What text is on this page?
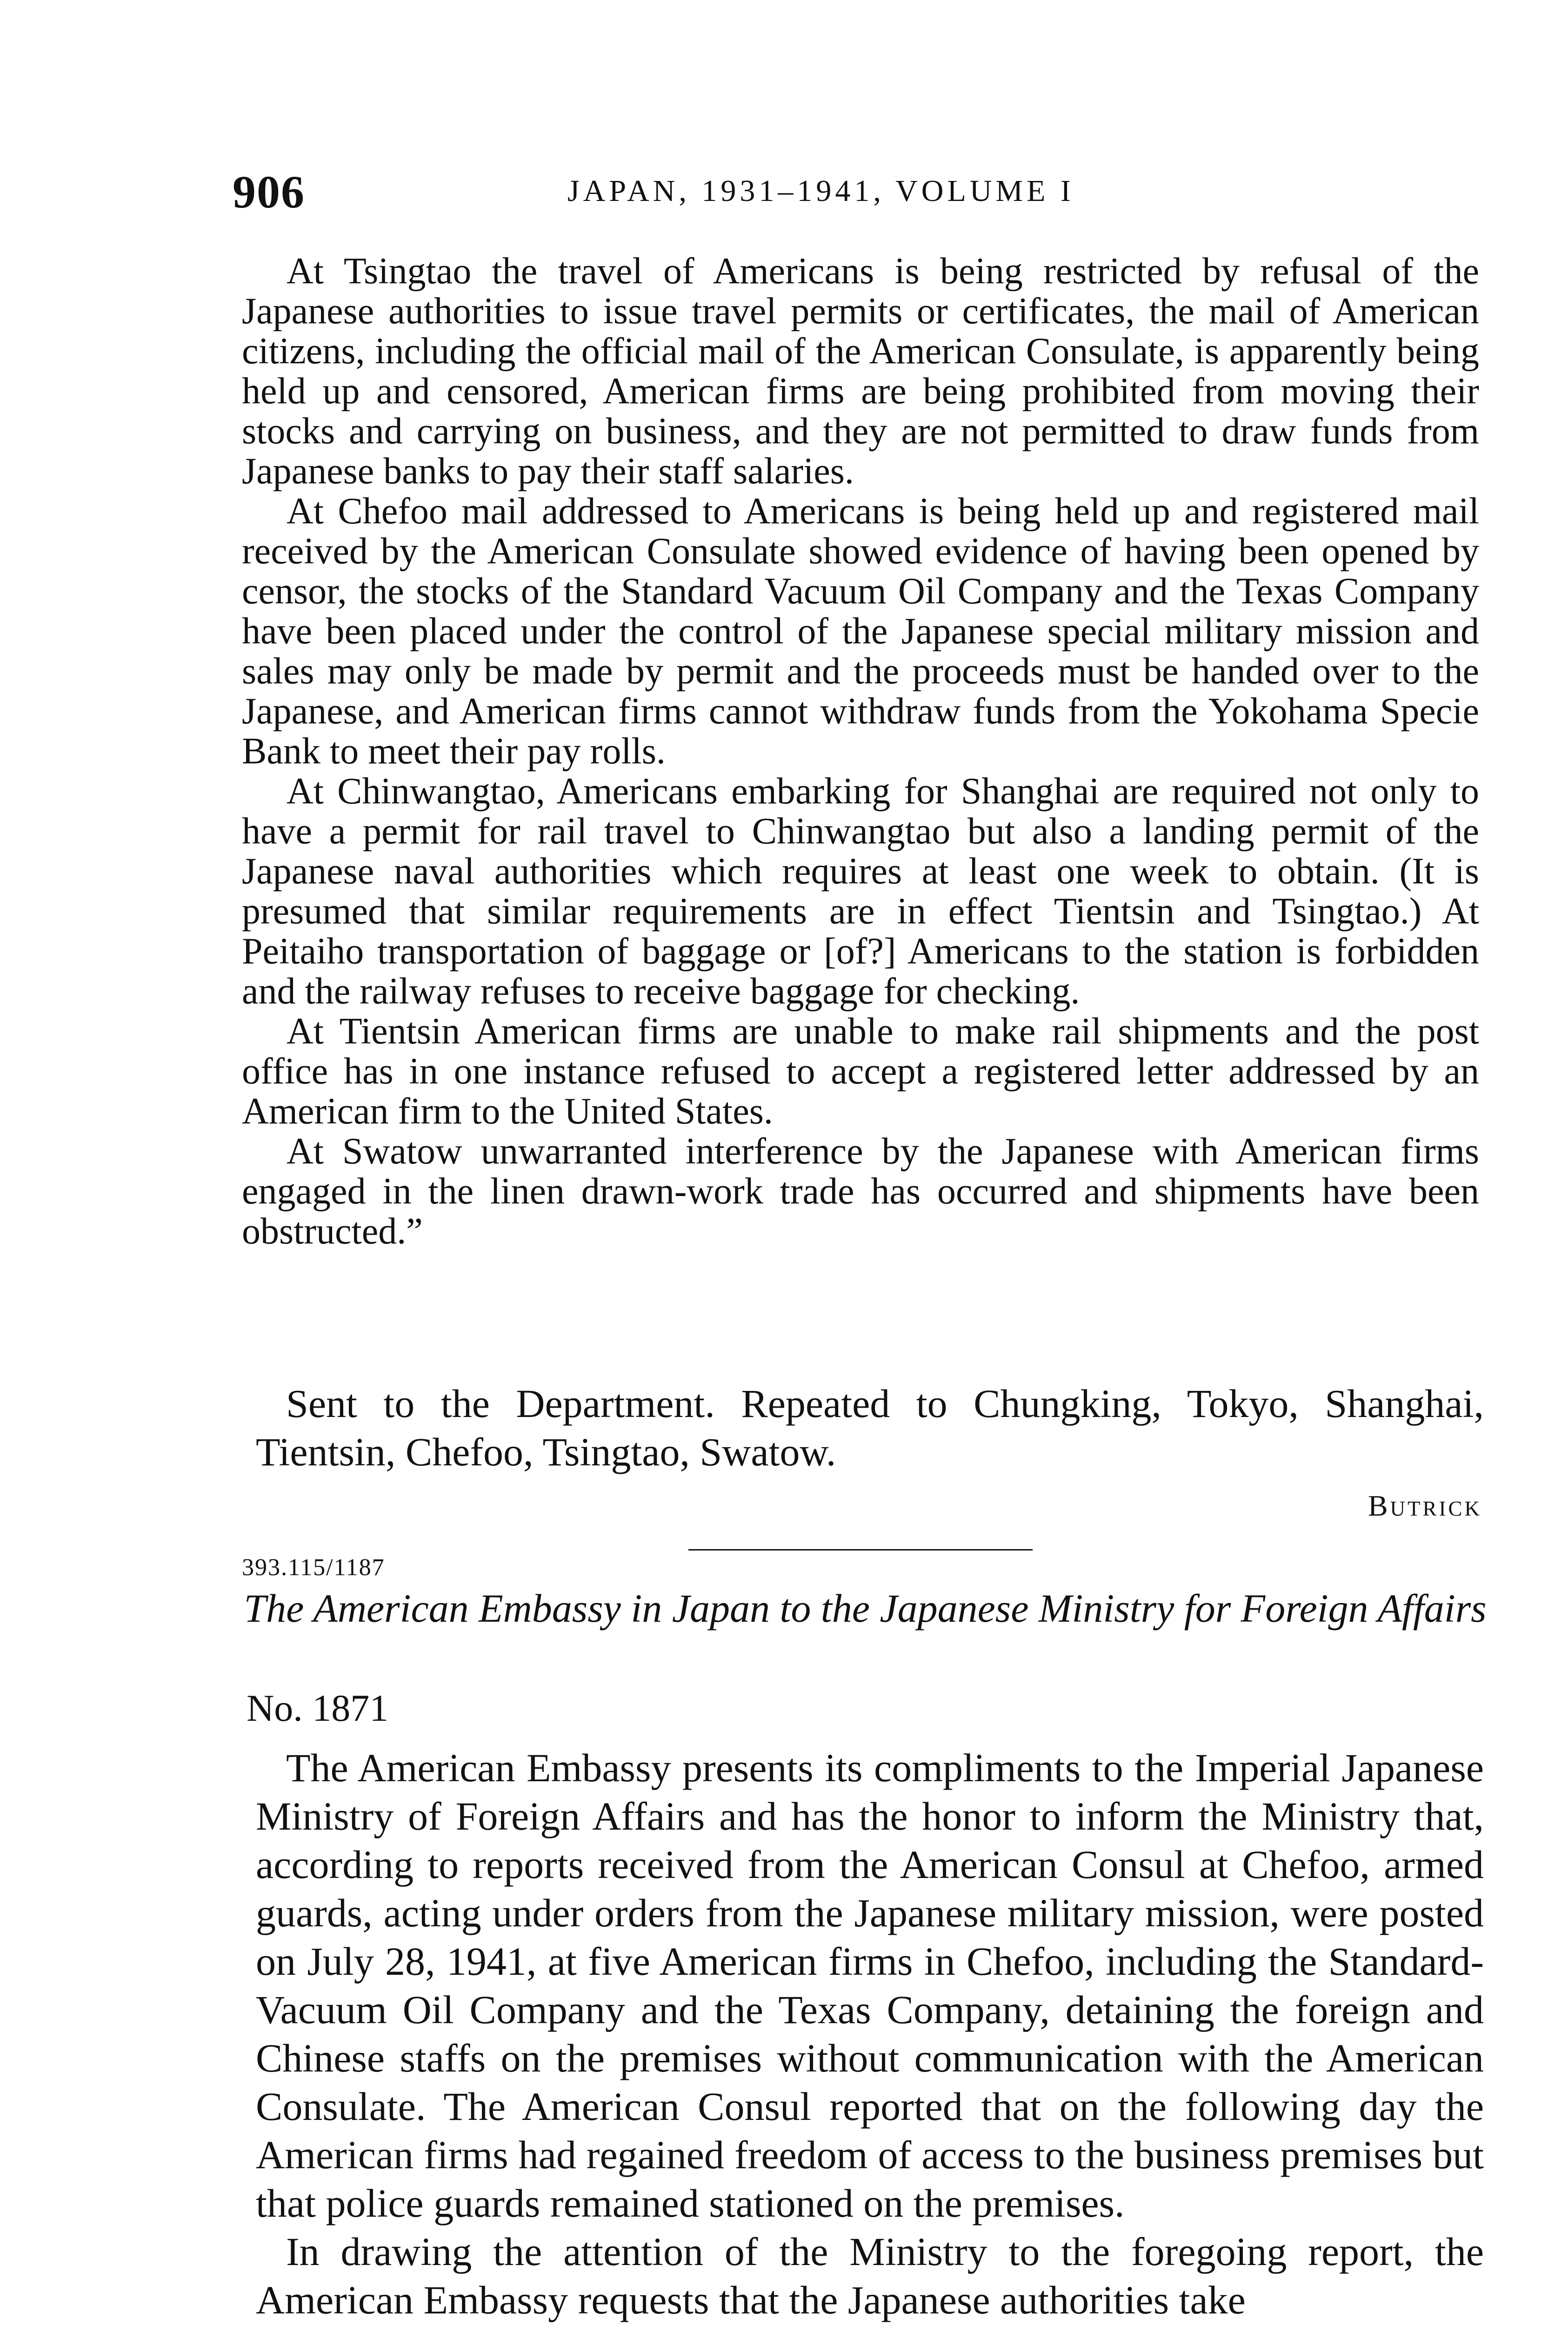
906	JAPAN, 1931–1941, VOLUME I

At Tsingtao the travel of Americans is being restricted by refusal of the Japanese authorities to issue travel permits or certificates, the mail of American citizens, including the official mail of the American Consulate, is apparently being held up and censored, American firms are being prohibited from moving their stocks and carrying on business, and they are not permitted to draw funds from Japanese banks to pay their staff salaries.

At Chefoo mail addressed to Americans is being held up and registered mail received by the American Consulate showed evidence of having been opened by censor, the stocks of the Standard Vacuum Oil Company and the Texas Company have been placed under the control of the Japanese special military mission and sales may only be made by permit and the proceeds must be handed over to the Japanese, and American firms cannot withdraw funds from the Yokohama Specie Bank to meet their pay rolls.

At Chinwangtao, Americans embarking for Shanghai are required not only to have a permit for rail travel to Chinwangtao but also a landing permit of the Japanese naval authorities which requires at least one week to obtain. (It is presumed that similar requirements are in effect Tientsin and Tsingtao.) At Peitaiho transportation of baggage or [of?] Americans to the station is forbidden and the railway refuses to receive baggage for checking.

At Tientsin American firms are unable to make rail shipments and the post office has in one instance refused to accept a registered letter addressed by an American firm to the United States.

At Swatow unwarranted interference by the Japanese with American firms engaged in the linen drawn-work trade has occurred and shipments have been obstructed.”

Sent to the Department. Repeated to Chungking, Tokyo, Shanghai, Tientsin, Chefoo, Tsingtao, Swatow.

Butrick
393.115/1187
The American Embassy in Japan to the Japanese Ministry for Foreign Affairs
No. 1871

The American Embassy presents its compliments to the Imperial Japanese Ministry of Foreign Affairs and has the honor to inform the Ministry that, according to reports received from the American Consul at Chefoo, armed guards, acting under orders from the Japanese military mission, were posted on July 28, 1941, at five American firms in Chefoo, including the Standard-Vacuum Oil Company and the Texas Company, detaining the foreign and Chinese staffs on the premises without communication with the American Consulate. The American Consul reported that on the following day the American firms had regained freedom of access to the business premises but that police guards remained stationed on the premises.

In drawing the attention of the Ministry to the foregoing report, the American Embassy requests that the Japanese authorities take
